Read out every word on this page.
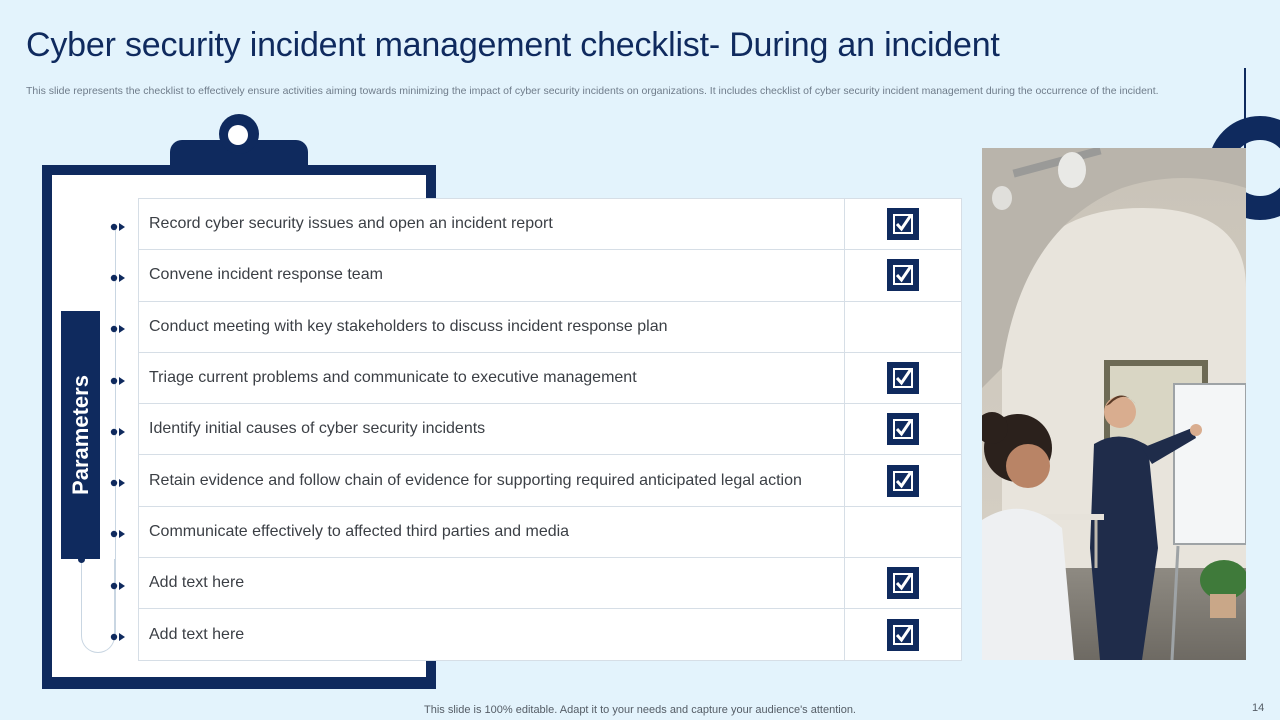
Cyber security incident management checklist- During an incident
This slide represents the checklist to effectively ensure activities aiming towards minimizing the impact of cyber security incidents on organizations. It includes checklist of cyber security incident management during the occurrence of the incident.
Parameters
Record cyber security issues and open an incident report
Convene incident response team
Conduct meeting with key stakeholders to discuss incident response plan
Triage current problems and communicate to executive management
Identify initial causes of cyber security incidents
Retain evidence and follow chain of evidence for supporting required anticipated legal action
Communicate effectively to affected third parties and media
Add text here
Add text here
This slide is 100% editable. Adapt it to your needs and capture your audience's attention.	14
